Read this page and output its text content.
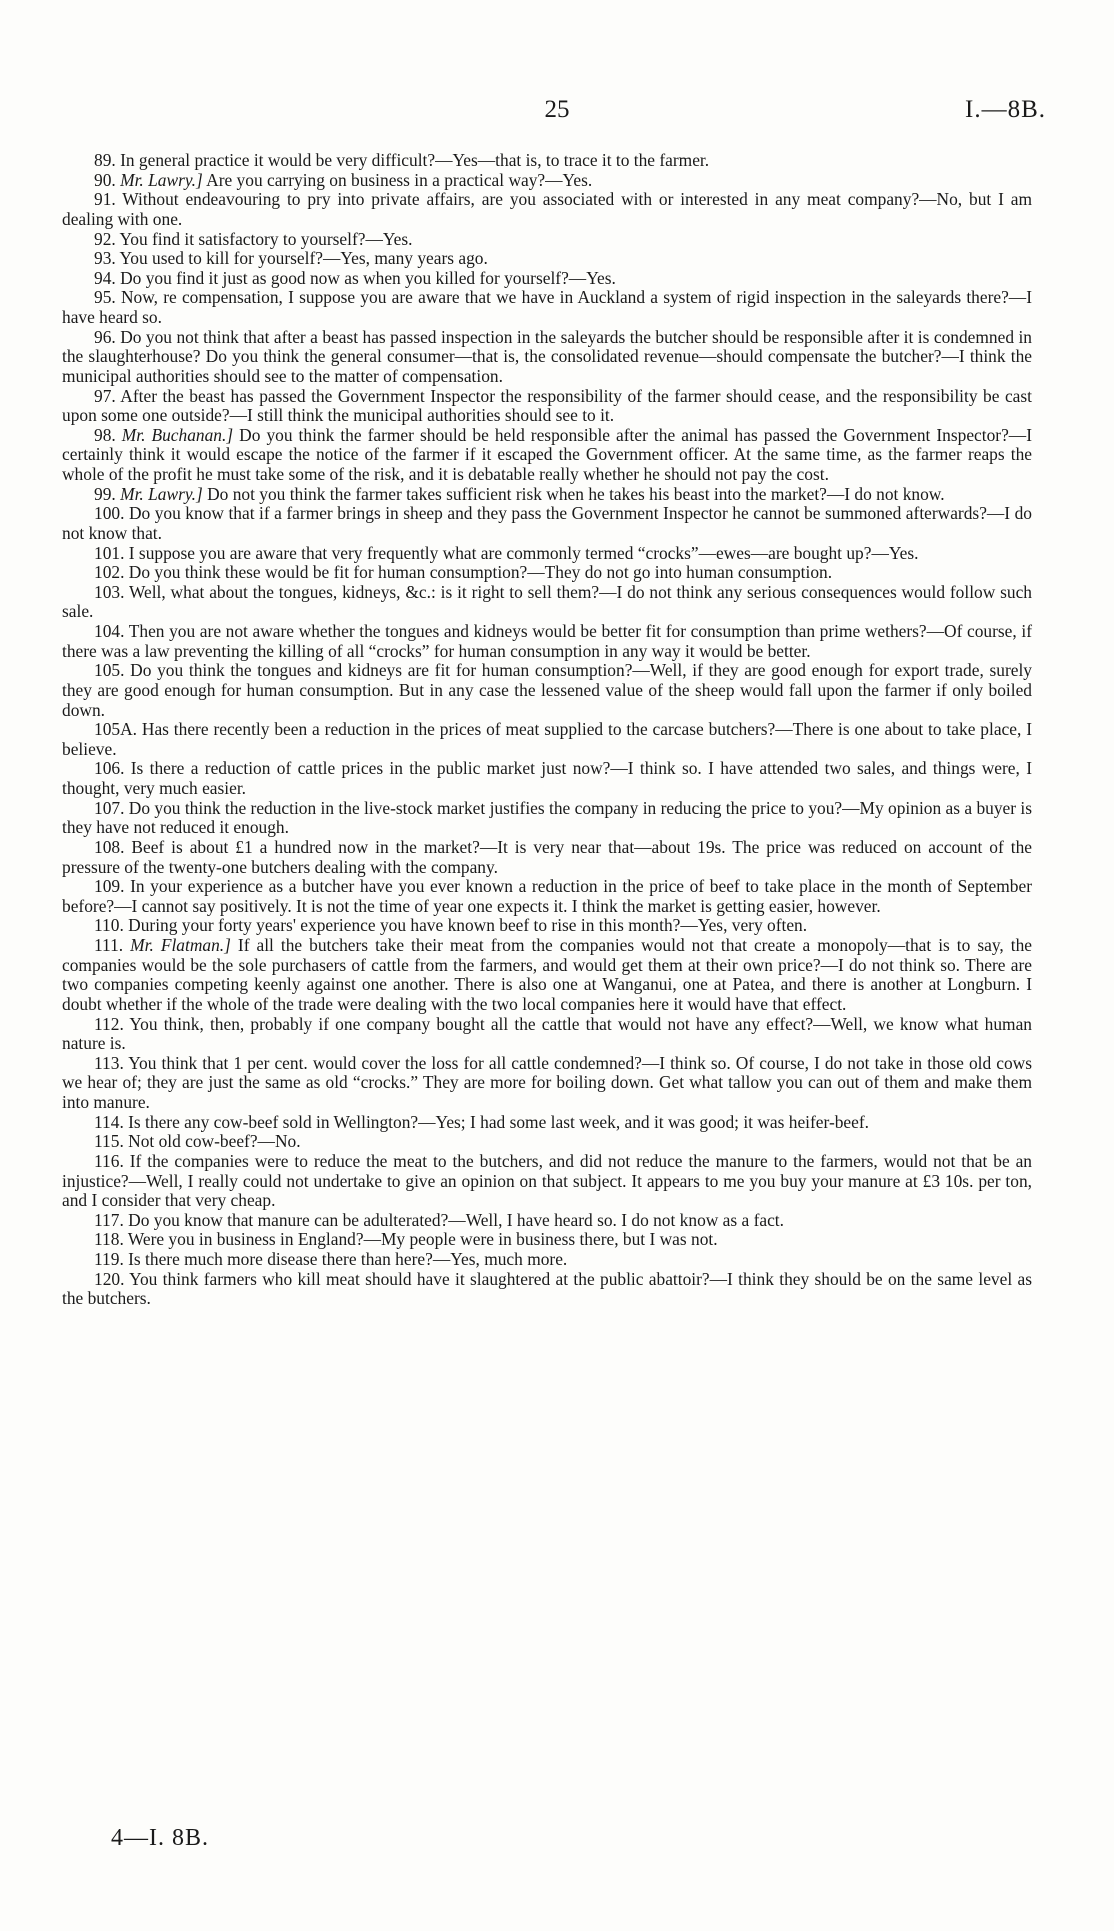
25	I.—8B.

89. In general practice it would be very difficult?—Yes—that is, to trace it to the farmer.

90. Mr. Lawry.] Are you carrying on business in a practical way?—Yes.

91. Without endeavouring to pry into private affairs, are you associated with or interested in any meat company?—No, but I am dealing with one.

92. You find it satisfactory to yourself?—Yes.

93. You used to kill for yourself?—Yes, many years ago.

94. Do you find it just as good now as when you killed for yourself?—Yes.

95. Now, re compensation, I suppose you are aware that we have in Auckland a system of rigid inspection in the saleyards there?—I have heard so.

96. Do you not think that after a beast has passed inspection in the saleyards the butcher should be responsible after it is condemned in the slaughterhouse? Do you think the general consumer—that is, the consolidated revenue—should compensate the butcher?—I think the municipal authorities should see to the matter of compensation.

97. After the beast has passed the Government Inspector the responsibility of the farmer should cease, and the responsibility be cast upon some one outside?—I still think the municipal authorities should see to it.

98. Mr. Buchanan.] Do you think the farmer should be held responsible after the animal has passed the Government Inspector?—I certainly think it would escape the notice of the farmer if it escaped the Government officer. At the same time, as the farmer reaps the whole of the profit he must take some of the risk, and it is debatable really whether he should not pay the cost.

99. Mr. Lawry.] Do not you think the farmer takes sufficient risk when he takes his beast into the market?—I do not know.

100. Do you know that if a farmer brings in sheep and they pass the Government Inspector he cannot be summoned afterwards?—I do not know that.

101. I suppose you are aware that very frequently what are commonly termed “crocks”—ewes—are bought up?—Yes.

102. Do you think these would be fit for human consumption?—They do not go into human consumption.

103. Well, what about the tongues, kidneys, &c.: is it right to sell them?—I do not think any serious consequences would follow such sale.

104. Then you are not aware whether the tongues and kidneys would be better fit for consumption than prime wethers?—Of course, if there was a law preventing the killing of all “crocks” for human consumption in any way it would be better.

105. Do you think the tongues and kidneys are fit for human consumption?—Well, if they are good enough for export trade, surely they are good enough for human consumption. But in any case the lessened value of the sheep would fall upon the farmer if only boiled down.

105A. Has there recently been a reduction in the prices of meat supplied to the carcase butchers?—There is one about to take place, I believe.

106. Is there a reduction of cattle prices in the public market just now?—I think so. I have attended two sales, and things were, I thought, very much easier.

107. Do you think the reduction in the live-stock market justifies the company in reducing the price to you?—My opinion as a buyer is they have not reduced it enough.

108. Beef is about £1 a hundred now in the market?—It is very near that—about 19s. The price was reduced on account of the pressure of the twenty-one butchers dealing with the company.

109. In your experience as a butcher have you ever known a reduction in the price of beef to take place in the month of September before?—I cannot say positively. It is not the time of year one expects it. I think the market is getting easier, however.

110. During your forty years' experience you have known beef to rise in this month?—Yes, very often.

111. Mr. Flatman.] If all the butchers take their meat from the companies would not that create a monopoly—that is to say, the companies would be the sole purchasers of cattle from the farmers, and would get them at their own price?—I do not think so. There are two companies competing keenly against one another. There is also one at Wanganui, one at Patea, and there is another at Longburn. I doubt whether if the whole of the trade were dealing with the two local companies here it would have that effect.

112. You think, then, probably if one company bought all the cattle that would not have any effect?—Well, we know what human nature is.

113. You think that 1 per cent. would cover the loss for all cattle condemned?—I think so. Of course, I do not take in those old cows we hear of; they are just the same as old “crocks.” They are more for boiling down. Get what tallow you can out of them and make them into manure.

114. Is there any cow-beef sold in Wellington?—Yes; I had some last week, and it was good; it was heifer-beef.

115. Not old cow-beef?—No.

116. If the companies were to reduce the meat to the butchers, and did not reduce the manure to the farmers, would not that be an injustice?—Well, I really could not undertake to give an opinion on that subject. It appears to me you buy your manure at £3 10s. per ton, and I consider that very cheap.

117. Do you know that manure can be adulterated?—Well, I have heard so. I do not know as a fact.

118. Were you in business in England?—My people were in business there, but I was not.

119. Is there much more disease there than here?—Yes, much more.

120. You think farmers who kill meat should have it slaughtered at the public abattoir?—I think they should be on the same level as the butchers.

4—I. 8B.
